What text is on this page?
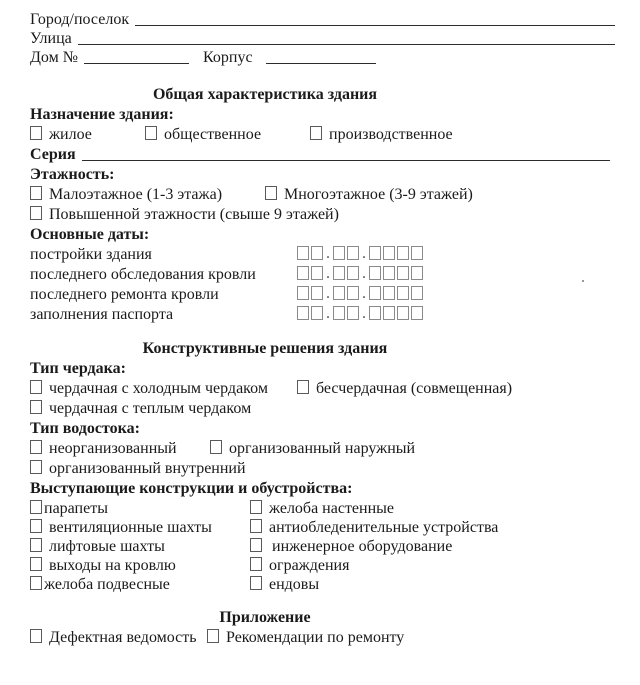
Город/поселок
Улица
Дом №	Корпус
Общая характеристика здания
Назначение здания:
жилое	общественное	производственное
Серия
Этажность:
Малоэтажное (1-3 этажа)	Многоэтажное (3-9 этажей)
Повышенной этажности (свыше 9 этажей)
Основные даты:
постройки здания	. .
последнего обследования кровли	. .
последнего ремонта кровли	. .
заполнения паспорта	. .
Конструктивные решения здания
Тип чердака:
чердачная с холодным чердаком	бесчердачная (совмещенная)
чердачная с теплым чердаком
Тип водостока:
неорганизованный	организованный наружный
организованный внутренний
Выступающие конструкции и обустройства:
парапеты	желоба настенные
вентиляционные шахты	антиобледенительные устройства
лифтовые шахты	инженерное оборудование
выходы на кровлю	ограждения
желоба подвесные	ендовы
Приложение
Дефектная ведомость Рекомендации по ремонту
